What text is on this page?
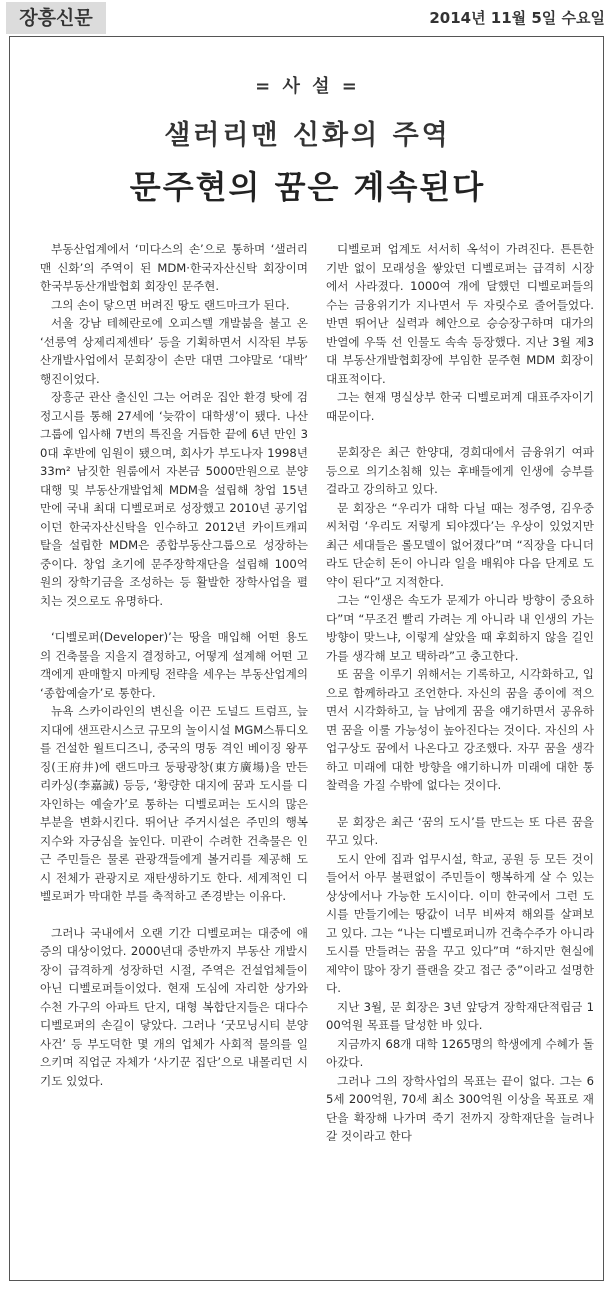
장흥신문	2014년 11월 5일 수요일
= 사 설 =
샐러리맨 신화의 주역
문주현의 꿈은 계속된다

부동산업계에서 ‘미다스의 손’으로 통하며 ‘샐러리맨 신화’의 주역이 된 MDM·한국자산신탁 회장이며 한국부동산개발협회 회장인 문주현.

그의 손이 닿으면 버려진 땅도 랜드마크가 된다.

서울 강남 테헤란로에 오피스텔 개발붐을 불고 온 ‘선릉역 상제리제센타’ 등을 기획하면서 시작된 부동산개발사업에서 문회장이 손만 대면 그야말로 ‘대박’ 행진이었다.

장흥군 관산 출신인 그는 어려운 집안 환경 탓에 검정고시를 통해 27세에 ‘늦깎이 대학생’이 됐다. 나산그룹에 입사해 7번의 특진을 거듭한 끝에 6년 만인 30대 후반에 임원이 됐으며, 회사가 부도나자 1998년 33m² 남짓한 원룸에서 자본금 5000만원으로 분양 대행 및 부동산개발업체 MDM을 설립해 창업 15년 만에 국내 최대 디벨로퍼로 성장했고 2010년 공기업이던 한국자산신탁을 인수하고 2012년 카이트캐피탈을 설립한 MDM은 종합부동산그룹으로 성장하는 중이다. 창업 초기에 문주장학재단을 설립해 100억 원의 장학기금을 조성하는 등 활발한 장학사업을 펼치는 것으로도 유명하다.

‘디벨로퍼(Developer)’는 땅을 매입해 어떤 용도의 건축물을 지을지 결정하고, 어떻게 설계해 어떤 고객에게 판매할지 마케팅 전략을 세우는 부동산업계의 ‘종합예술가’로 통한다.

뉴욕 스카이라인의 변신을 이끈 도널드 트럼프, 늪지대에 샌프란시스코 규모의 놀이시설 MGM스튜디오를 건설한 월트디즈니, 중국의 명동 격인 베이징 왕푸징(王府井)에 랜드마크 둥팡광창(東方廣場)을 만든 리카싱(李嘉誠) 등등, ‘황량한 대지에 꿈과 도시를 디자인하는 예술가’로 통하는 디벨로퍼는 도시의 많은 부분을 변화시킨다. 뛰어난 주거시설은 주민의 행복지수와 자긍심을 높인다. 미관이 수려한 건축물은 인근 주민들은 물론 관광객들에게 볼거리를 제공해 도시 전체가 관광지로 재탄생하기도 한다. 세계적인 디벨로퍼가 막대한 부를 축적하고 존경받는 이유다.

그러나 국내에서 오랜 기간 디벨로퍼는 대중에 애증의 대상이었다. 2000년대 중반까지 부동산 개발시장이 급격하게 성장하던 시절, 주역은 건설업체들이 아닌 디벨로퍼들이었다. 현재 도심에 자리한 상가와 수천 가구의 아파트 단지, 대형 복합단지들은 대다수 디벨로퍼의 손길이 닿았다. 그러나 ‘굿모닝시티 분양사건’ 등 부도덕한 몇 개의 업체가 사회적 물의를 일으키며 직업군 자체가 ‘사기꾼 집단’으로 내몰리던 시기도 있었다.

디벨로퍼 업계도 서서히 옥석이 가려진다. 튼튼한 기반 없이 모래성을 쌓았던 디벨로퍼는 급격히 시장에서 사라졌다. 1000여 개에 달했던 디벨로퍼들의 수는 금융위기가 지나면서 두 자릿수로 줄어들었다. 반면 뛰어난 실력과 혜안으로 승승장구하며 대가의 반열에 우뚝 선 인물도 속속 등장했다. 지난 3월 제3대 부동산개발협회장에 부임한 문주현 MDM 회장이 대표적이다.

그는 현재 명실상부 한국 디벨로퍼계 대표주자이기 때문이다.

문회장은 최근 한양대, 경희대에서 금융위기 여파 등으로 의기소침해 있는 후배들에게 인생에 승부를 걸라고 강의하고 있다.

문 회장은 “우리가 대학 다닐 때는 정주영, 김우중 씨처럼 ‘우리도 저렇게 되야겠다’는 우상이 있었지만 최근 세대들은 롤모델이 없어졌다”며 “직장을 다니더라도 단순히 돈이 아니라 일을 배워야 다음 단계로 도약이 된다”고 지적한다.

그는 “인생은 속도가 문제가 아니라 방향이 중요하다”며 “무조건 빨리 가려는 게 아니라 내 인생의 가는 방향이 맞느냐, 이렇게 살았을 때 후회하지 않을 길인가를 생각해 보고 택하라”고 충고한다.

또 꿈을 이루기 위해서는 기록하고, 시각화하고, 입으로 함께하라고 조언한다. 자신의 꿈을 종이에 적으면서 시각화하고, 늘 남에게 꿈을 얘기하면서 공유하면 꿈을 이룰 가능성이 높아진다는 것이다. 자신의 사업구상도 꿈에서 나온다고 강조했다. 자꾸 꿈을 생각하고 미래에 대한 방향을 얘기하니까 미래에 대한 통찰력을 가질 수밖에 없다는 것이다.

문 회장은 최근 ‘꿈의 도시’를 만드는 또 다른 꿈을 꾸고 있다.

도시 안에 집과 업무시설, 학교, 공원 등 모든 것이 들어서 아무 불편없이 주민들이 행복하게 살 수 있는 상상에서나 가능한 도시이다. 이미 한국에서 그런 도시를 만들기에는 땅값이 너무 비싸져 해외를 살펴보고 있다. 그는 “나는 디벨로퍼니까 건축수주가 아니라 도시를 만들려는 꿈을 꾸고 있다”며 “하지만 현실에 제약이 많아 장기 플랜을 갖고 접근 중”이라고 설명한다.

지난 3월, 문 회장은 3년 앞당겨 장학재단적립금 100억원 목표를 달성한 바 있다.

지금까지 68개 대학 1265명의 학생에게 수혜가 돌아갔다.

그러나 그의 장학사업의 목표는 끝이 없다. 그는 65세 200억원, 70세 최소 300억원 이상을 목표로 재단을 확장해 나가며 죽기 전까지 장학재단을 늘려나갈 것이라고 한다
